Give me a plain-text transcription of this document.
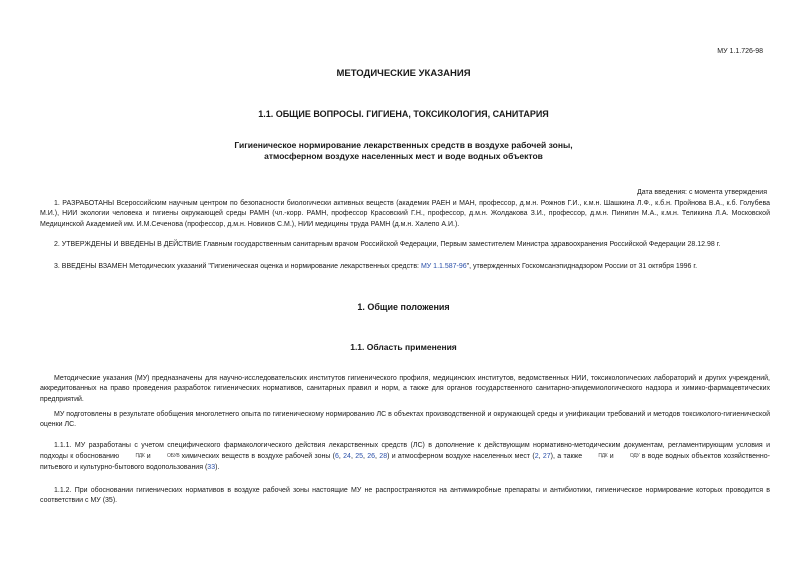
МУ 1.1.726-98
МЕТОДИЧЕСКИЕ УКАЗАНИЯ
1.1. ОБЩИЕ ВОПРОСЫ. ГИГИЕНА, ТОКСИКОЛОГИЯ, САНИТАРИЯ
Гигиеническое нормирование лекарственных средств в воздухе рабочей зоны,
атмосферном воздухе населенных мест и воде водных объектов
Дата введения: с момента утверждения
1. РАЗРАБОТАНЫ Всероссийским научным центром по безопасности биологически активных веществ (академик РАЕН и МАН, профессор, д.м.н. Рожнов Г.И., к.м.н. Шашкина Л.Ф., к.б.н. Пройнова В.А., к.б. Голубева М.И.), НИИ экологии человека и гигиены окружающей среды РАМН (чл.-корр. РАМН, профессор Красовский Г.Н., профессор, д.м.н. Жолдакова З.И., профессор, д.м.н. Пинигин М.А., к.м.н. Теликина Л.А. Московской Медицинской Академией им. И.М.Сеченова (профессор, д.м.н. Новиков С.М.), НИИ медицины труда РАМН (д.м.н. Халепо А.И.).
2. УТВЕРЖДЕНЫ И ВВЕДЕНЫ В ДЕЙСТВИЕ Главным государственным санитарным врачом Российской Федерации, Первым заместителем Министра здравоохранения Российской Федерации 28.12.98 г.
3. ВВЕДЕНЫ ВЗАМЕН Методических указаний "Гигиеническая оценка и нормирование лекарственных средств: МУ 1.1.587-96", утвержденных Госкомсанэпиднадзором России от 31 октября 1996 г.
1. Общие положения
1.1. Область применения
Методические указания (МУ) предназначены для научно-исследовательских институтов гигиенического профиля, медицинских институтов, ведомственных НИИ, токсикологических лабораторий и других учреждений, аккредитованных на право проведения разработок гигиенических нормативов, санитарных правил и норм, а также для органов государственного санитарно-эпидемиологического надзора и химико-фармацевтических предприятий.
МУ подготовлены в результате обобщения многолетнего опыта по гигиеническому нормированию ЛС в объектах производственной и окружающей среды и унификации требований и методов токсиколого-гигиенической оценки ЛС.
1.1.1. МУ разработаны с учетом специфического фармакологического действия лекарственных средств (ЛС) в дополнение к действующим нормативно-методическим документам, регламентирующим условия и подходы к обоснованию	ПДК и	ОБУВ химических веществ в воздухе рабочей зоны (6, 24, 25, 26, 28) и атмосферном воздухе населенных мест (2, 27), а также	ПДК и	ОДУ в воде водных объектов хозяйственно-питьевого и культурно-бытового водопользования (33).
1.1.2. При обосновании гигиенических нормативов в воздухе рабочей зоны настоящие МУ не распространяются на антимикробные препараты и антибиотики, гигиеническое нормирование которых проводится в соответствии с МУ (35).
